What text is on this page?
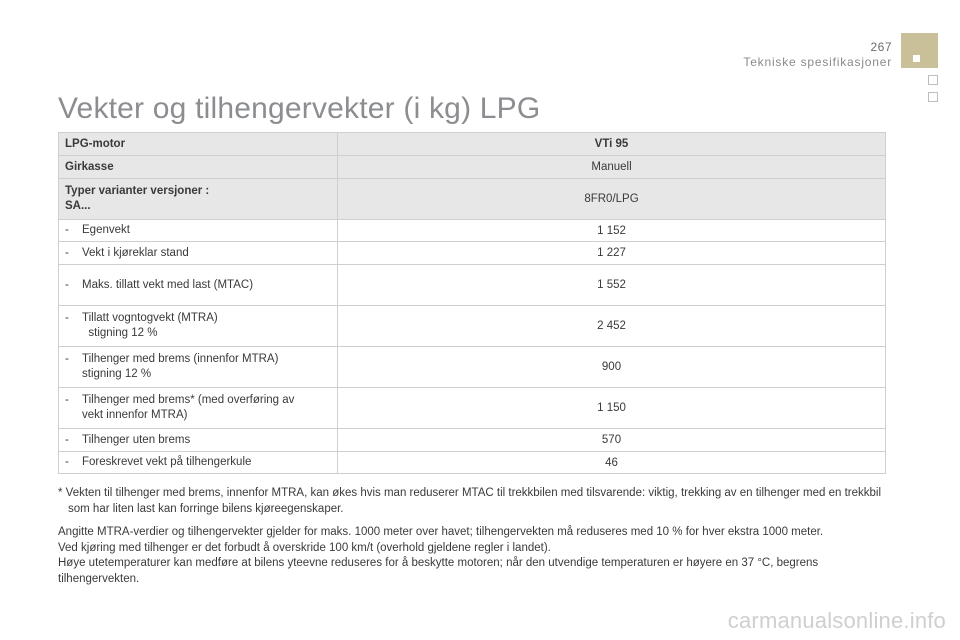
267
Tekniske spesifikasjoner
Vekter og tilhengervekter (i kg) LPG
LPG-motor	VTi 95

Girkasse	Manuell

Typer varianter versjoner :
SA...	8FR0/LPG

- Egenvekt	1 152

- Vekt i kjøreklar stand	1 227

- Maks. tillatt vekt med last (MTAC)	1 552

- Tillatt vogntogvekt (MTRA)
stigning 12 %	2 452

- Tilhenger med brems (innenfor MTRA)
stigning 12 %	900

- Tilhenger med brems* (med overføring av
vekt innenfor MTRA)	1 150

- Tilhenger uten brems	570

- Foreskrevet vekt på tilhengerkule	46

* Vekten til tilhenger med brems, innenfor MTRA, kan økes hvis man reduserer MTAC til trekkbilen med tilsvarende: viktig, trekking av en tilhenger med en trekkbil som har liten last kan forringe bilens kjøreegenskaper.

Angitte MTRA-verdier og tilhengervekter gjelder for maks. 1000 meter over havet; tilhengervekten må reduseres med 10 % for hver ekstra 1000 meter.

Ved kjøring med tilhenger er det forbudt å overskride 100 km/t (overhold gjeldene regler i landet).

Høye utetemperaturer kan medføre at bilens yteevne reduseres for å beskytte motoren; når den utvendige temperaturen er høyere en 37 °C, begrens tilhengervekten.

carmanualsonline.info
